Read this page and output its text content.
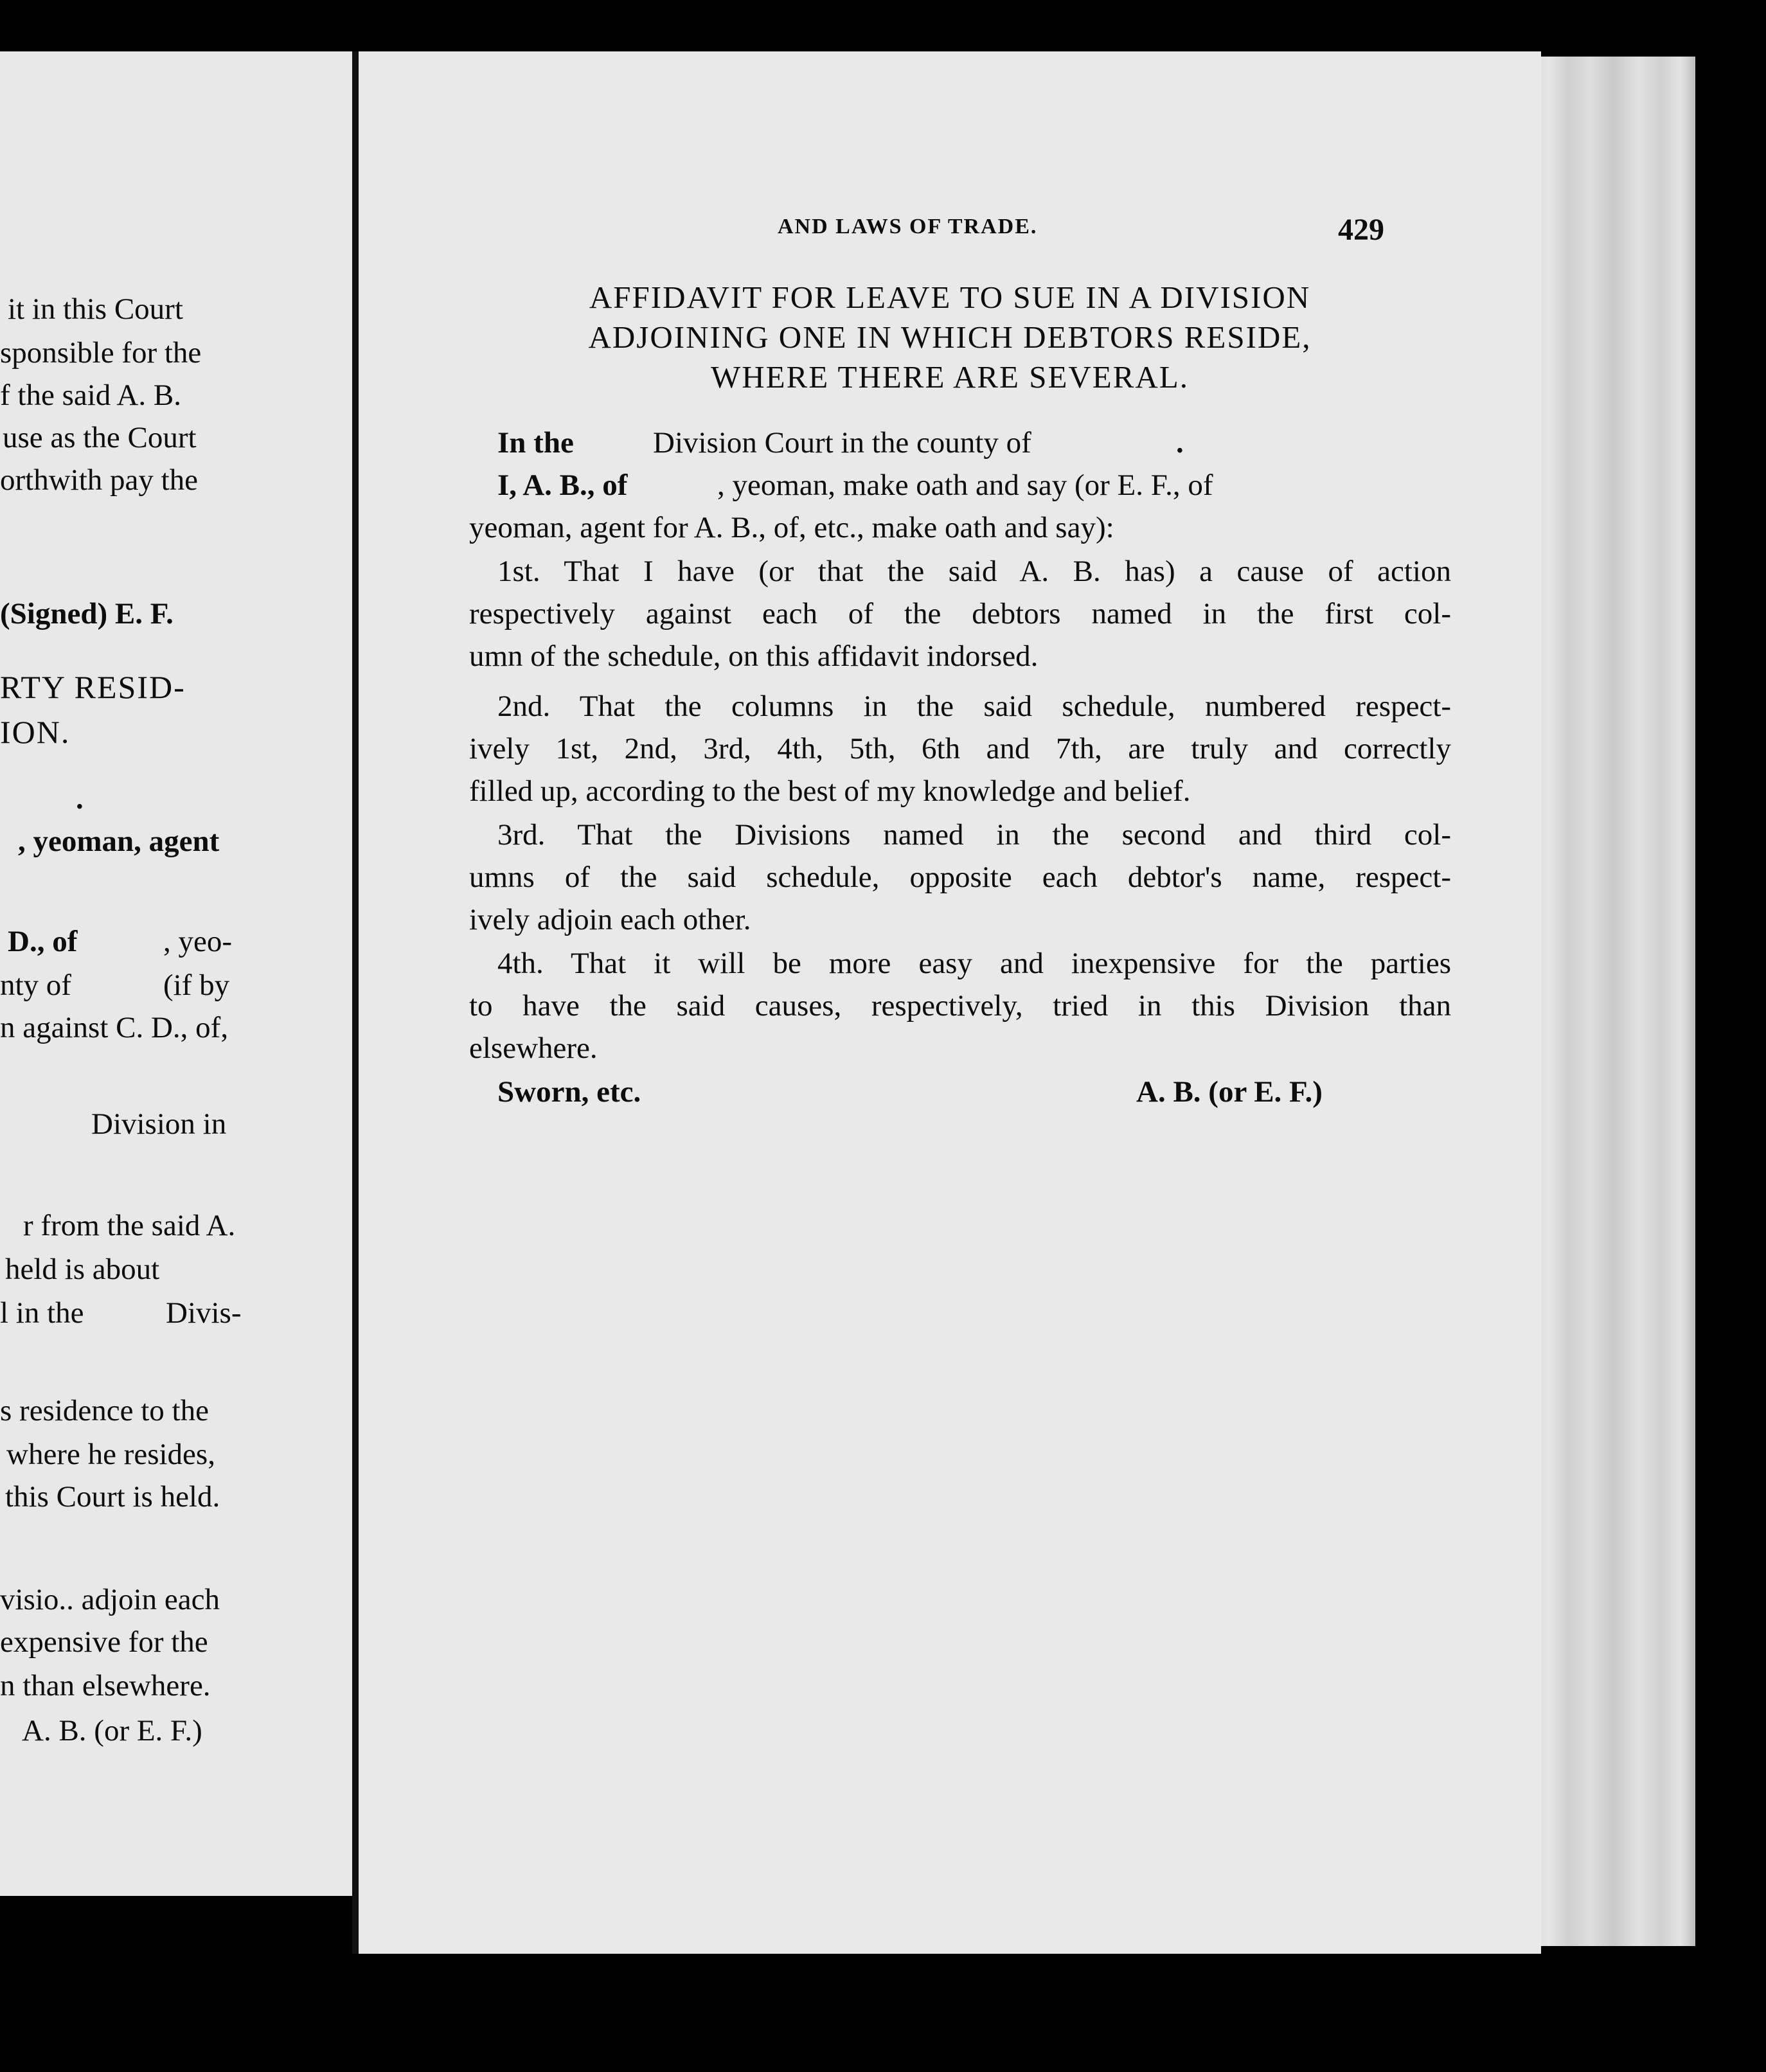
it in this Court
sponsible for the
f the said A. B.
use as the Court
orthwith pay the
(Signed) E. F.
RTY RESID-
ION.
.
, yeoman, agent
D., of	, yeo-
nty of	(if by
n against C. D., of,
Division in
r from the said A.
held is about
l in the	Divis-
s residence to the
where he resides,
this Court is held.
visio.. adjoin each
expensive for the
n than elsewhere.
A. B. (or E. F.)
AND LAWS OF TRADE.	429
AFFIDAVIT FOR LEAVE TO SUE IN A DIVISION
ADJOINING ONE IN WHICH DEBTORS RESIDE,
WHERE THERE ARE SEVERAL.
In the	Division Court in the county of	.
I, A. B., of	, yeoman, make oath and say (or E. F., of
yeoman, agent for A. B., of, etc., make oath and say):
1st. That I have (or that the said A. B. has) a cause of action
respectively against each of the debtors named in the first col-
umn of the schedule, on this affidavit indorsed.
2nd. That the columns in the said schedule, numbered respect-
ively 1st, 2nd, 3rd, 4th, 5th, 6th and 7th, are truly and correctly
filled up, according to the best of my knowledge and belief.
3rd. That the Divisions named in the second and third col-
umns of the said schedule, opposite each debtor's name, respect-
ively adjoin each other.
4th. That it will be more easy and inexpensive for the parties
to have the said causes, respectively, tried in this Division than
elsewhere.
Sworn, etc.	A. B. (or E. F.)
